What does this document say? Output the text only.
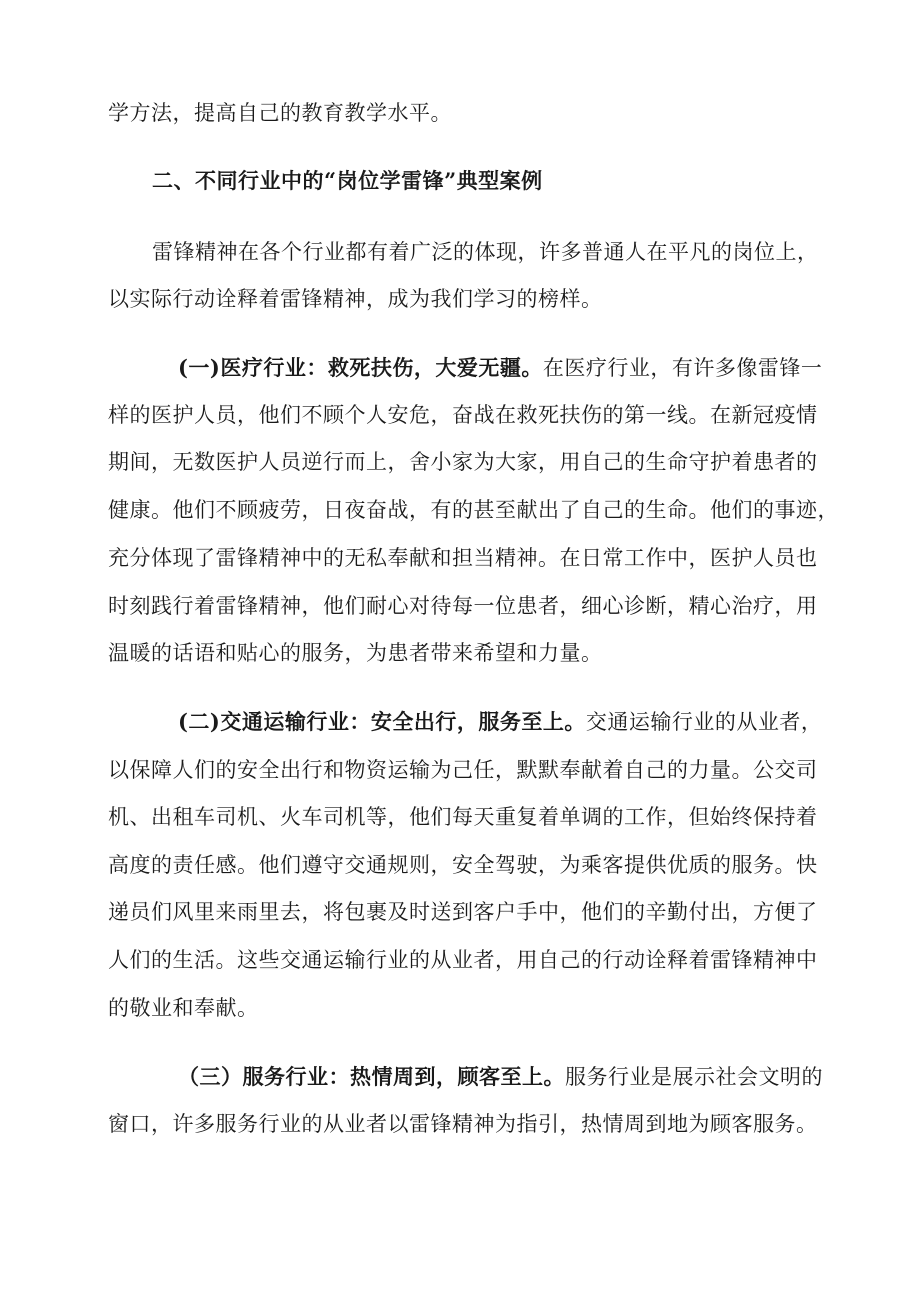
学方法，提高自己的教育教学水平。
二、不同行业中的“岗位学雷锋”典型案例
雷锋精神在各个行业都有着广泛的体现，许多普通人在平凡的岗位上，
以实际行动诠释着雷锋精神，成为我们学习的榜样。
(一)医疗行业：救死扶伤，大爱无疆。在医疗行业，有许多像雷锋一
样的医护人员，他们不顾个人安危，奋战在救死扶伤的第一线。在新冠疫情
期间，无数医护人员逆行而上，舍小家为大家，用自己的生命守护着患者的
健康。他们不顾疲劳，日夜奋战，有的甚至献出了自己的生命。他们的事迹，
充分体现了雷锋精神中的无私奉献和担当精神。在日常工作中，医护人员也
时刻践行着雷锋精神，他们耐心对待每一位患者，细心诊断，精心治疗，用
温暖的话语和贴心的服务，为患者带来希望和力量。
(二)交通运输行业：安全出行，服务至上。交通运输行业的从业者，
以保障人们的安全出行和物资运输为己任，默默奉献着自己的力量。公交司
机、出租车司机、火车司机等，他们每天重复着单调的工作，但始终保持着
高度的责任感。他们遵守交通规则，安全驾驶，为乘客提供优质的服务。快
递员们风里来雨里去，将包裹及时送到客户手中，他们的辛勤付出，方便了
人们的生活。这些交通运输行业的从业者，用自己的行动诠释着雷锋精神中
的敬业和奉献。
（三）服务行业：热情周到，顾客至上。服务行业是展示社会文明的
窗口，许多服务行业的从业者以雷锋精神为指引，热情周到地为顾客服务。
